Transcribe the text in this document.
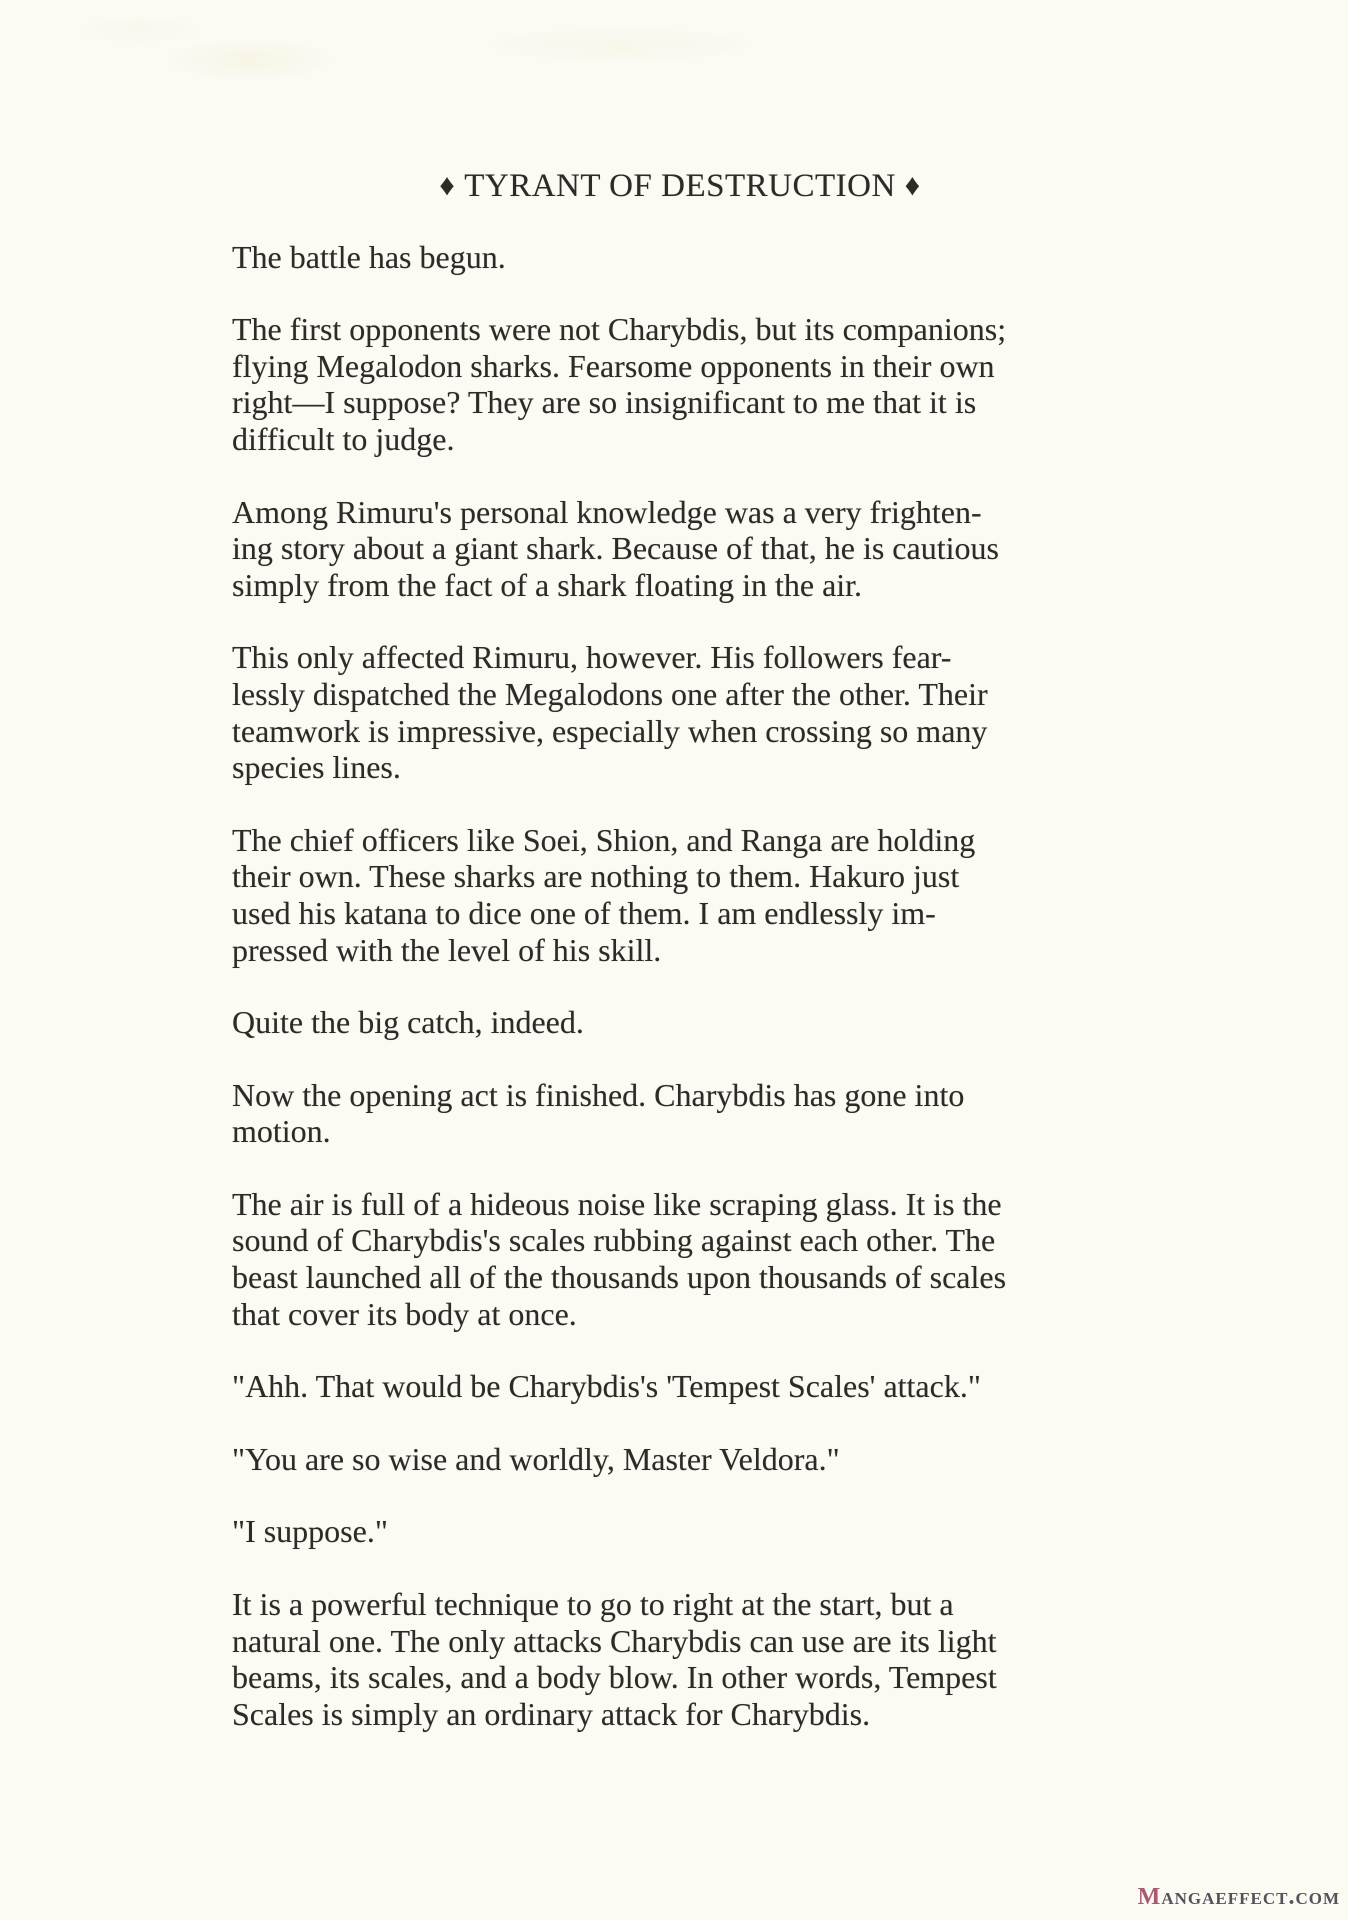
♦ TYRANT OF DESTRUCTION ♦

The battle has begun.

The first opponents were not Charybdis, but its companions;
flying Megalodon sharks. Fearsome opponents in their own
right—I suppose? They are so insignificant to me that it is
difficult to judge.

Among Rimuru's personal knowledge was a very frighten-
ing story about a giant shark. Because of that, he is cautious
simply from the fact of a shark floating in the air.

This only affected Rimuru, however. His followers fear-
lessly dispatched the Megalodons one after the other. Their
teamwork is impressive, especially when crossing so many
species lines.

The chief officers like Soei, Shion, and Ranga are holding
their own. These sharks are nothing to them. Hakuro just
used his katana to dice one of them. I am endlessly im-
pressed with the level of his skill.

Quite the big catch, indeed.

Now the opening act is finished. Charybdis has gone into
motion.

The air is full of a hideous noise like scraping glass. It is the
sound of Charybdis's scales rubbing against each other. The
beast launched all of the thousands upon thousands of scales
that cover its body at once.

"Ahh. That would be Charybdis's 'Tempest Scales' attack."

"You are so wise and worldly, Master Veldora."

"I suppose."

It is a powerful technique to go to right at the start, but a
natural one. The only attacks Charybdis can use are its light
beams, its scales, and a body blow. In other words, Tempest
Scales is simply an ordinary attack for Charybdis.

Mangaeffect.com
